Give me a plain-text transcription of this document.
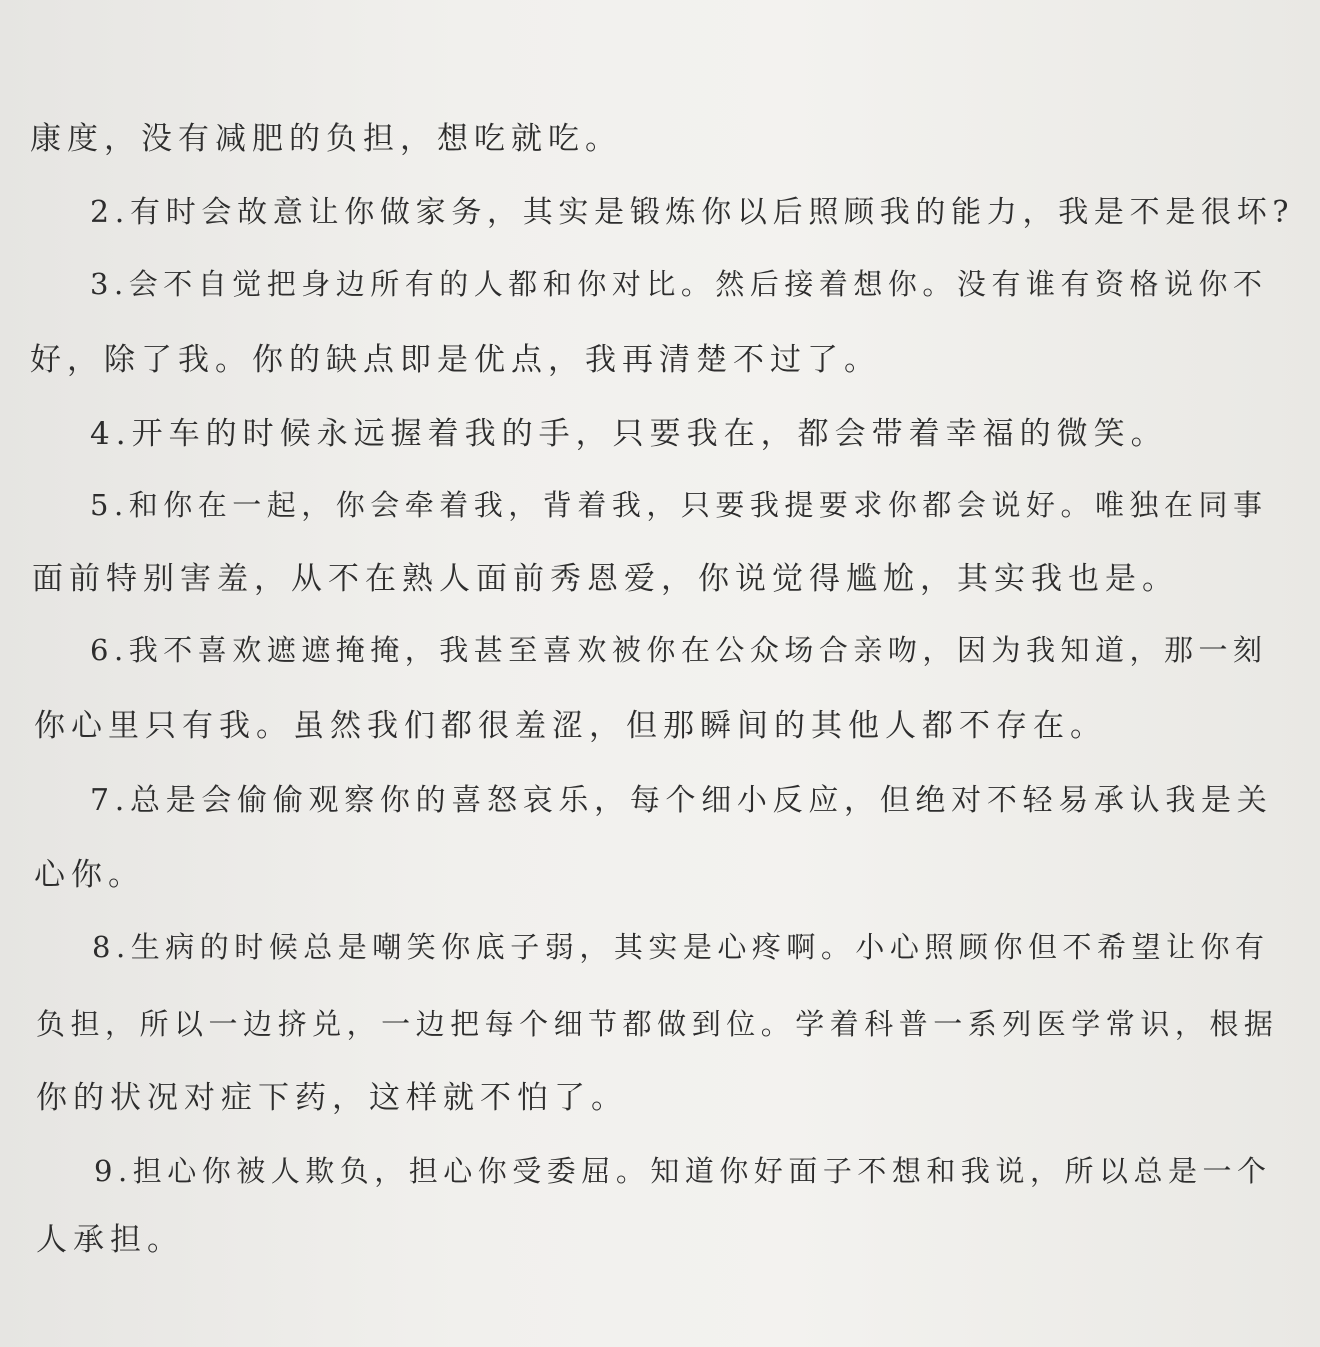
康度，没有减肥的负担，想吃就吃。
2.有时会故意让你做家务，其实是锻炼你以后照顾我的能力，我是不是很坏?
3.会不自觉把身边所有的人都和你对比。然后接着想你。没有谁有资格说你不
好，除了我。你的缺点即是优点，我再清楚不过了。
4.开车的时候永远握着我的手，只要我在，都会带着幸福的微笑。
5.和你在一起，你会牵着我，背着我，只要我提要求你都会说好。唯独在同事
面前特别害羞，从不在熟人面前秀恩爱，你说觉得尴尬，其实我也是。
6.我不喜欢遮遮掩掩，我甚至喜欢被你在公众场合亲吻，因为我知道，那一刻
你心里只有我。虽然我们都很羞涩，但那瞬间的其他人都不存在。
7.总是会偷偷观察你的喜怒哀乐，每个细小反应，但绝对不轻易承认我是关
心你。
8.生病的时候总是嘲笑你底子弱，其实是心疼啊。小心照顾你但不希望让你有
负担，所以一边挤兑，一边把每个细节都做到位。学着科普一系列医学常识，根据
你的状况对症下药，这样就不怕了。
9.担心你被人欺负，担心你受委屈。知道你好面子不想和我说，所以总是一个
人承担。
